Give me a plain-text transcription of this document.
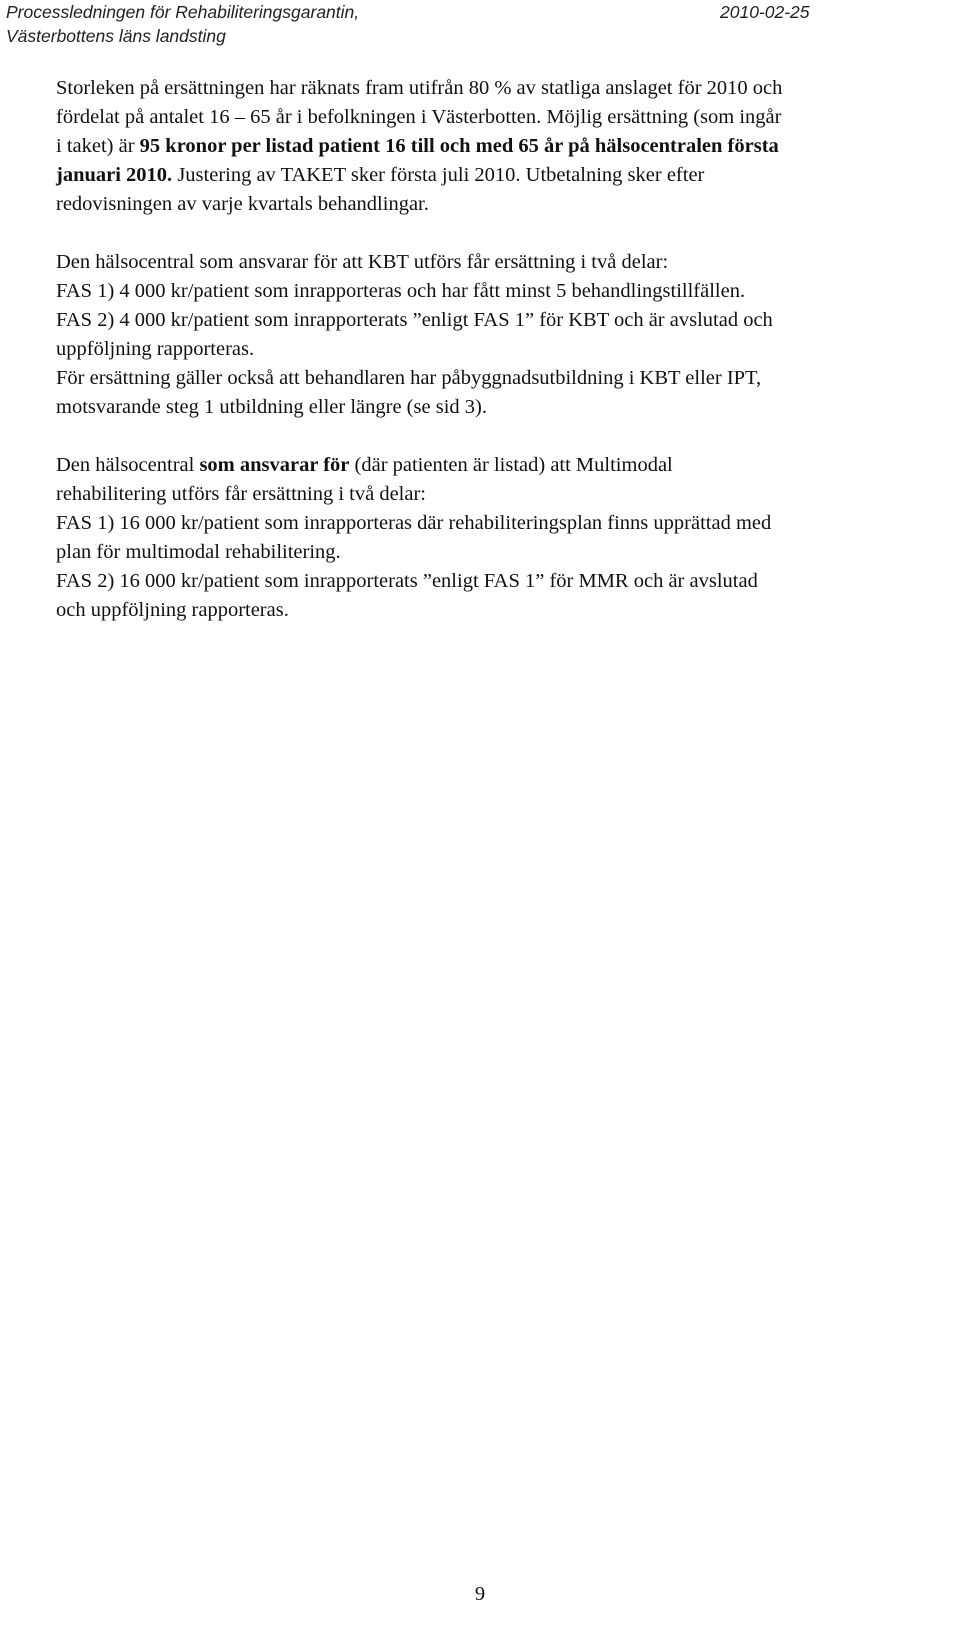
Processledningen för Rehabiliteringsgarantin,
Västerbottens läns landsting
2010-02-25
Storleken på ersättningen har räknats fram utifrån 80 % av statliga anslaget för 2010 och
fördelat på antalet 16 – 65 år i befolkningen i Västerbotten. Möjlig ersättning (som ingår
i taket) är 95 kronor per listad patient 16 till och med 65 år på hälsocentralen första
januari 2010. Justering av TAKET sker första juli 2010. Utbetalning sker efter
redovisningen av varje kvartals behandlingar.
Den hälsocentral som ansvarar för att KBT utförs får ersättning i två delar:
FAS 1) 4 000 kr/patient som inrapporteras och har fått minst 5 behandlingstillfällen.
FAS 2) 4 000 kr/patient som inrapporterats ”enligt FAS 1” för KBT och är avslutad och
uppföljning rapporteras.
För ersättning gäller också att behandlaren har påbyggnadsutbildning i KBT eller IPT,
motsvarande steg 1 utbildning eller längre (se sid 3).
Den hälsocentral som ansvarar för (där patienten är listad) att Multimodal
rehabilitering utförs får ersättning i två delar:
FAS 1) 16 000 kr/patient som inrapporteras där rehabiliteringsplan finns upprättad med
plan för multimodal rehabilitering.
FAS 2) 16 000 kr/patient som inrapporterats ”enligt FAS 1” för MMR och är avslutad
och uppföljning rapporteras.
9
